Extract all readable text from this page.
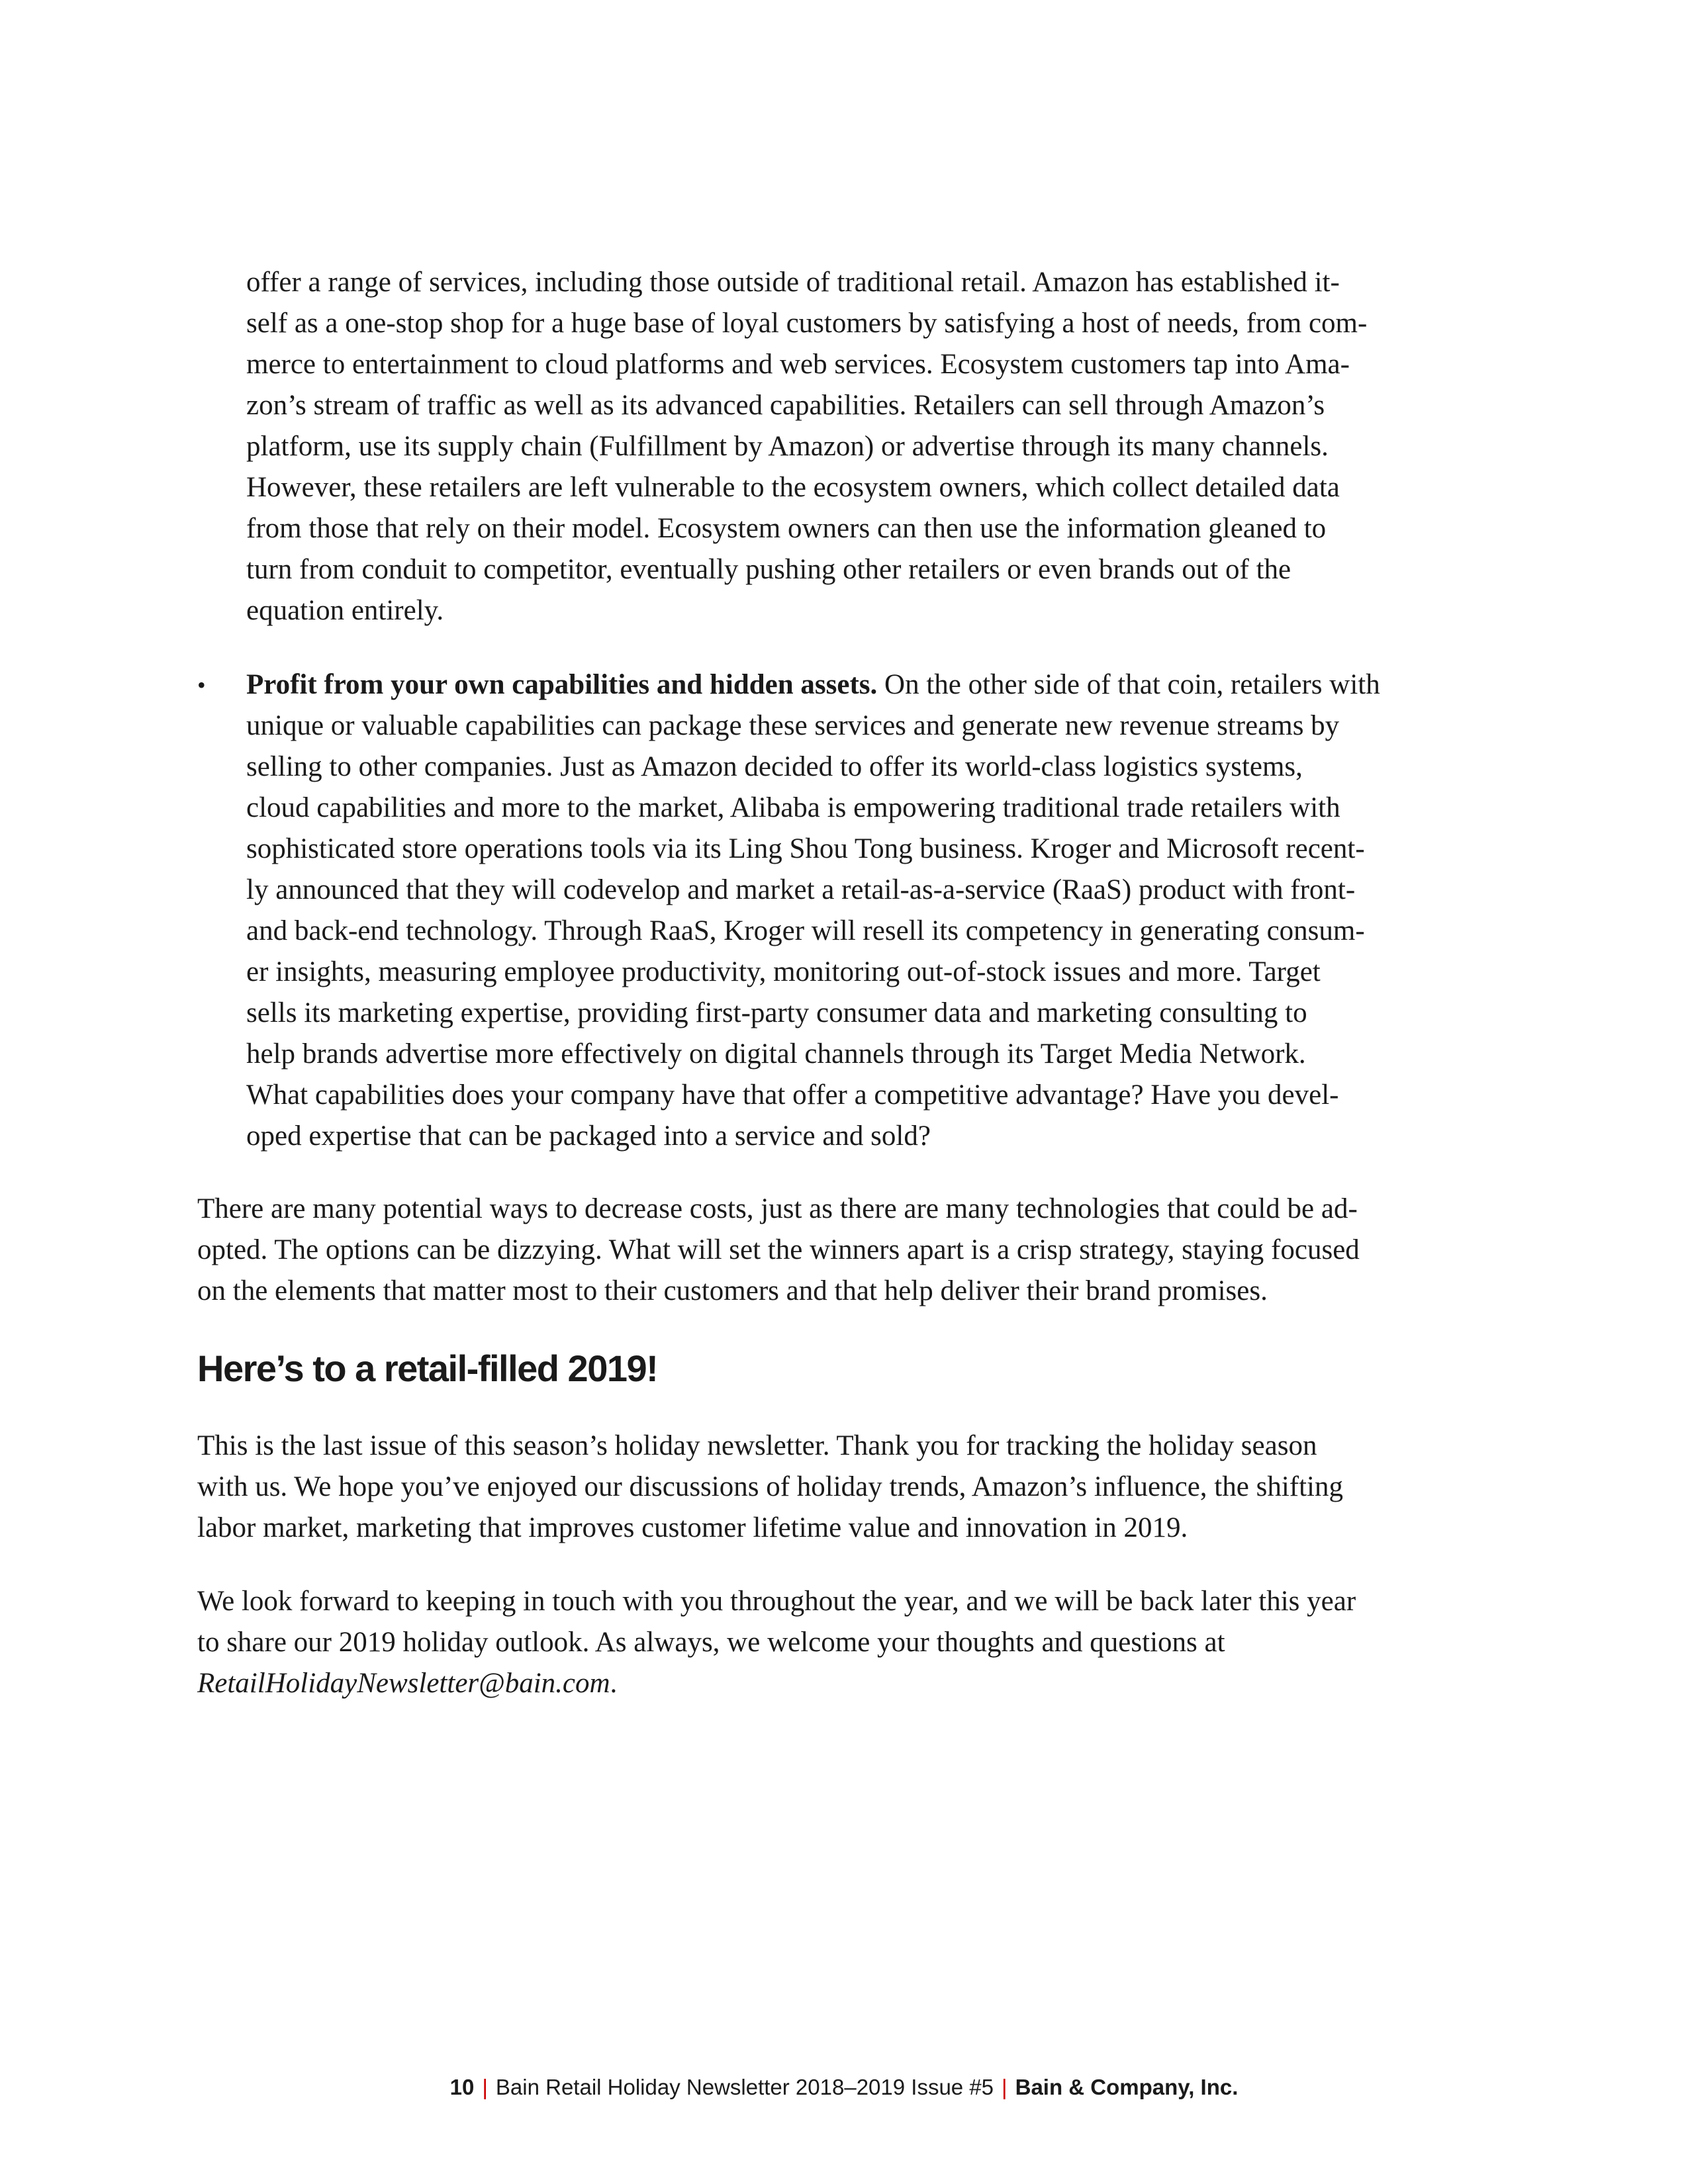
offer a range of services, including those outside of traditional retail. Amazon has established it-
self as a one-stop shop for a huge base of loyal customers by satisfying a host of needs, from com-
merce to entertainment to cloud platforms and web services. Ecosystem customers tap into Ama-
zon’s stream of traffic as well as its advanced capabilities. Retailers can sell through Amazon’s
platform, use its supply chain (Fulfillment by Amazon) or advertise through its many channels.
However, these retailers are left vulnerable to the ecosystem owners, which collect detailed data
from those that rely on their model. Ecosystem owners can then use the information gleaned to
turn from conduit to competitor, eventually pushing other retailers or even brands out of the
equation entirely.
• Profit from your own capabilities and hidden assets. On the other side of that coin, retailers with
unique or valuable capabilities can package these services and generate new revenue streams by
selling to other companies. Just as Amazon decided to offer its world-class logistics systems,
cloud capabilities and more to the market, Alibaba is empowering traditional trade retailers with
sophisticated store operations tools via its Ling Shou Tong business. Kroger and Microsoft recent-
ly announced that they will codevelop and market a retail-as-a-service (RaaS) product with front-
and back-end technology. Through RaaS, Kroger will resell its competency in generating consum-
er insights, measuring employee productivity, monitoring out-of-stock issues and more. Target
sells its marketing expertise, providing first-party consumer data and marketing consulting to
help brands advertise more effectively on digital channels through its Target Media Network.
What capabilities does your company have that offer a competitive advantage? Have you devel-
oped expertise that can be packaged into a service and sold?
There are many potential ways to decrease costs, just as there are many technologies that could be ad-
opted. The options can be dizzying. What will set the winners apart is a crisp strategy, staying focused
on the elements that matter most to their customers and that help deliver their brand promises.
Here’s to a retail-filled 2019!
This is the last issue of this season’s holiday newsletter. Thank you for tracking the holiday season
with us. We hope you’ve enjoyed our discussions of holiday trends, Amazon’s influence, the shifting
labor market, marketing that improves customer lifetime value and innovation in 2019.
We look forward to keeping in touch with you throughout the year, and we will be back later this year
to share our 2019 holiday outlook. As always, we welcome your thoughts and questions at
RetailHolidayNewsletter@bain.com.
10 | Bain Retail Holiday Newsletter 2018–2019 Issue #5 | Bain & Company, Inc.
